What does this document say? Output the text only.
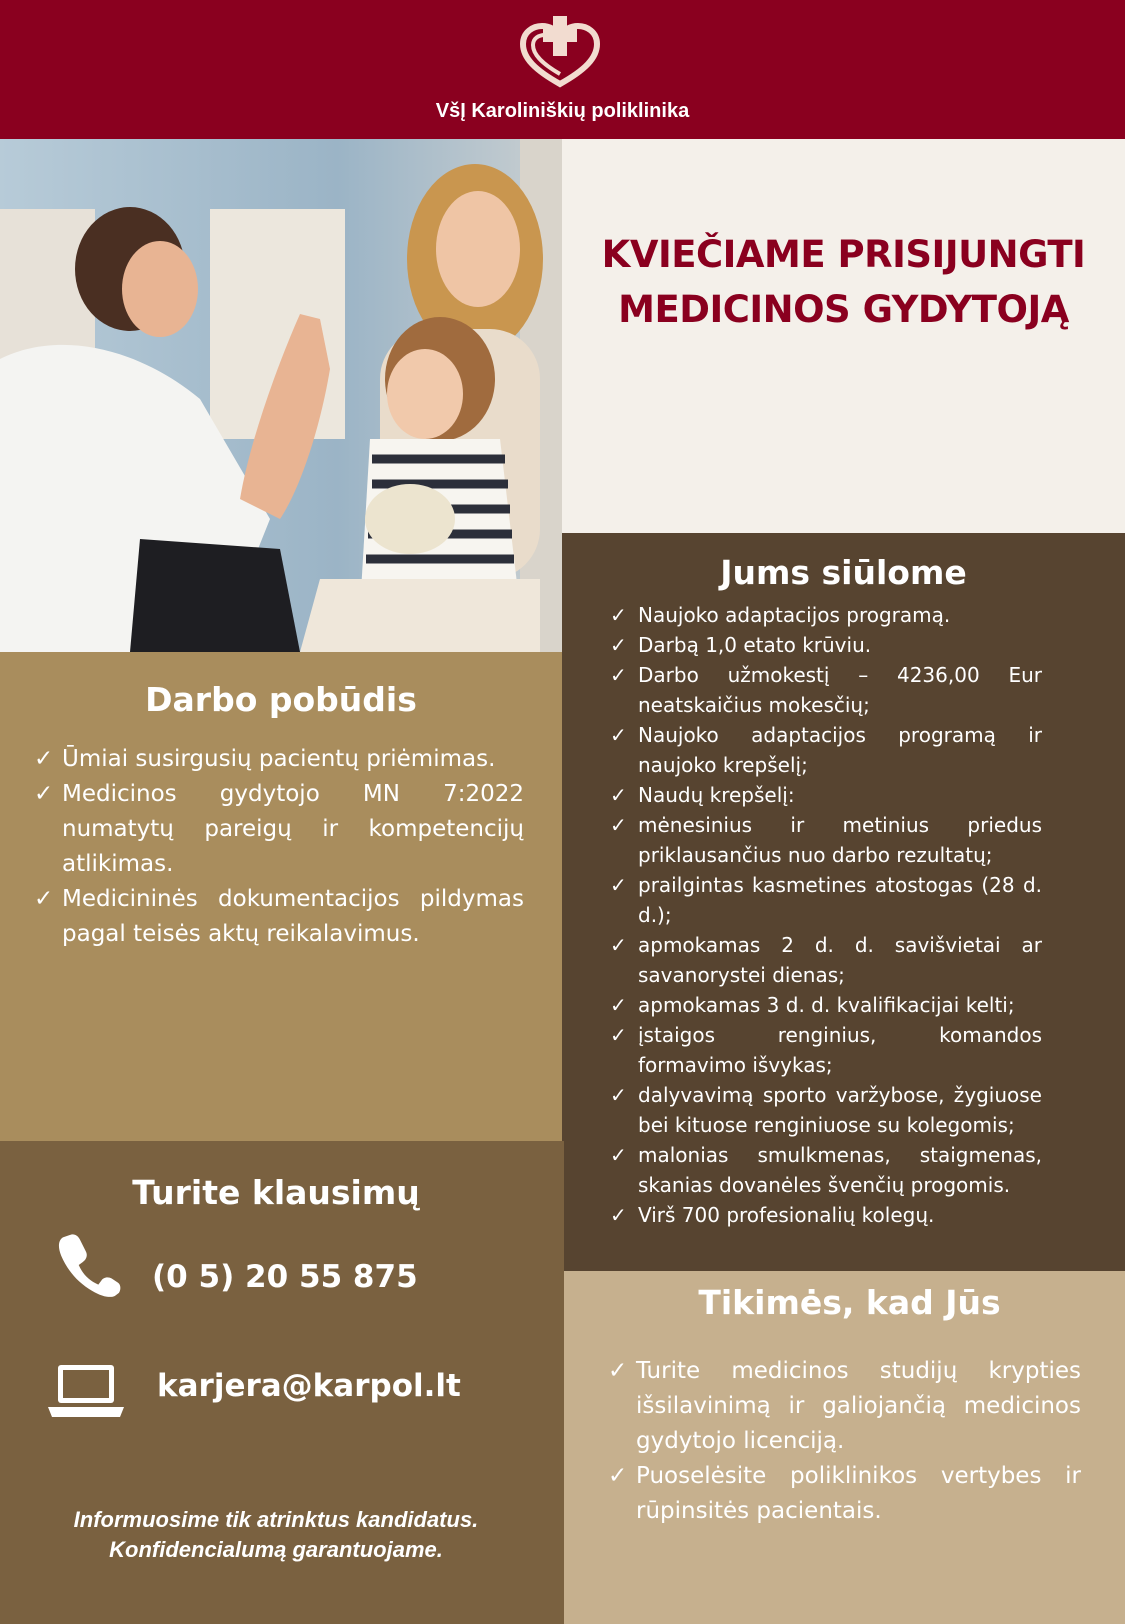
VšĮ Karoliniškių poliklinika
KVIEČIAME PRISIJUNGTI
MEDICINOS GYDYTOJĄ
Jums siūlome
✓ Naujoko adaptacijos programą.
✓ Darbą 1,0 etato krūviu.
✓ Darbo užmokestį – 4236,00 Eur neatskaičius mokesčių;
✓ Naujoko adaptacijos programą ir naujoko krepšelį;
✓ Naudų krepšelį:
✓ mėnesinius ir metinius priedus priklausančius nuo darbo rezultatų;
✓ prailgintas kasmetines atostogas (28 d. d.);
✓ apmokamas 2 d. d. savišvietai ar savanorystei dienas;
✓ apmokamas 3 d. d. kvalifikacijai kelti;
✓ įstaigos renginius, komandos formavimo išvykas;
✓ dalyvavimą sporto varžybose, žygiuose bei kituose renginiuose su kolegomis;
✓ malonias smulkmenas, staigmenas, skanias dovanėles švenčių progomis.
✓ Virš 700 profesionalių kolegų.
Darbo pobūdis
✓ Ūmiai susirgusių pacientų priėmimas.
✓ Medicinos gydytojo MN 7:2022 numatytų pareigų ir kompetencijų atlikimas.
✓ Medicininės dokumentacijos pildymas pagal teisės aktų reikalavimus.
Turite klausimų
(0 5) 20 55 875
karjera@karpol.lt
Informuosime tik atrinktus kandidatus.
Konfidencialumą garantuojame.
Tikimės, kad Jūs
✓ Turite medicinos studijų krypties išsilavinimą ir galiojančią medicinos gydytojo licenciją.
✓ Puoselėsite poliklinikos vertybes ir rūpinsitės pacientais.
